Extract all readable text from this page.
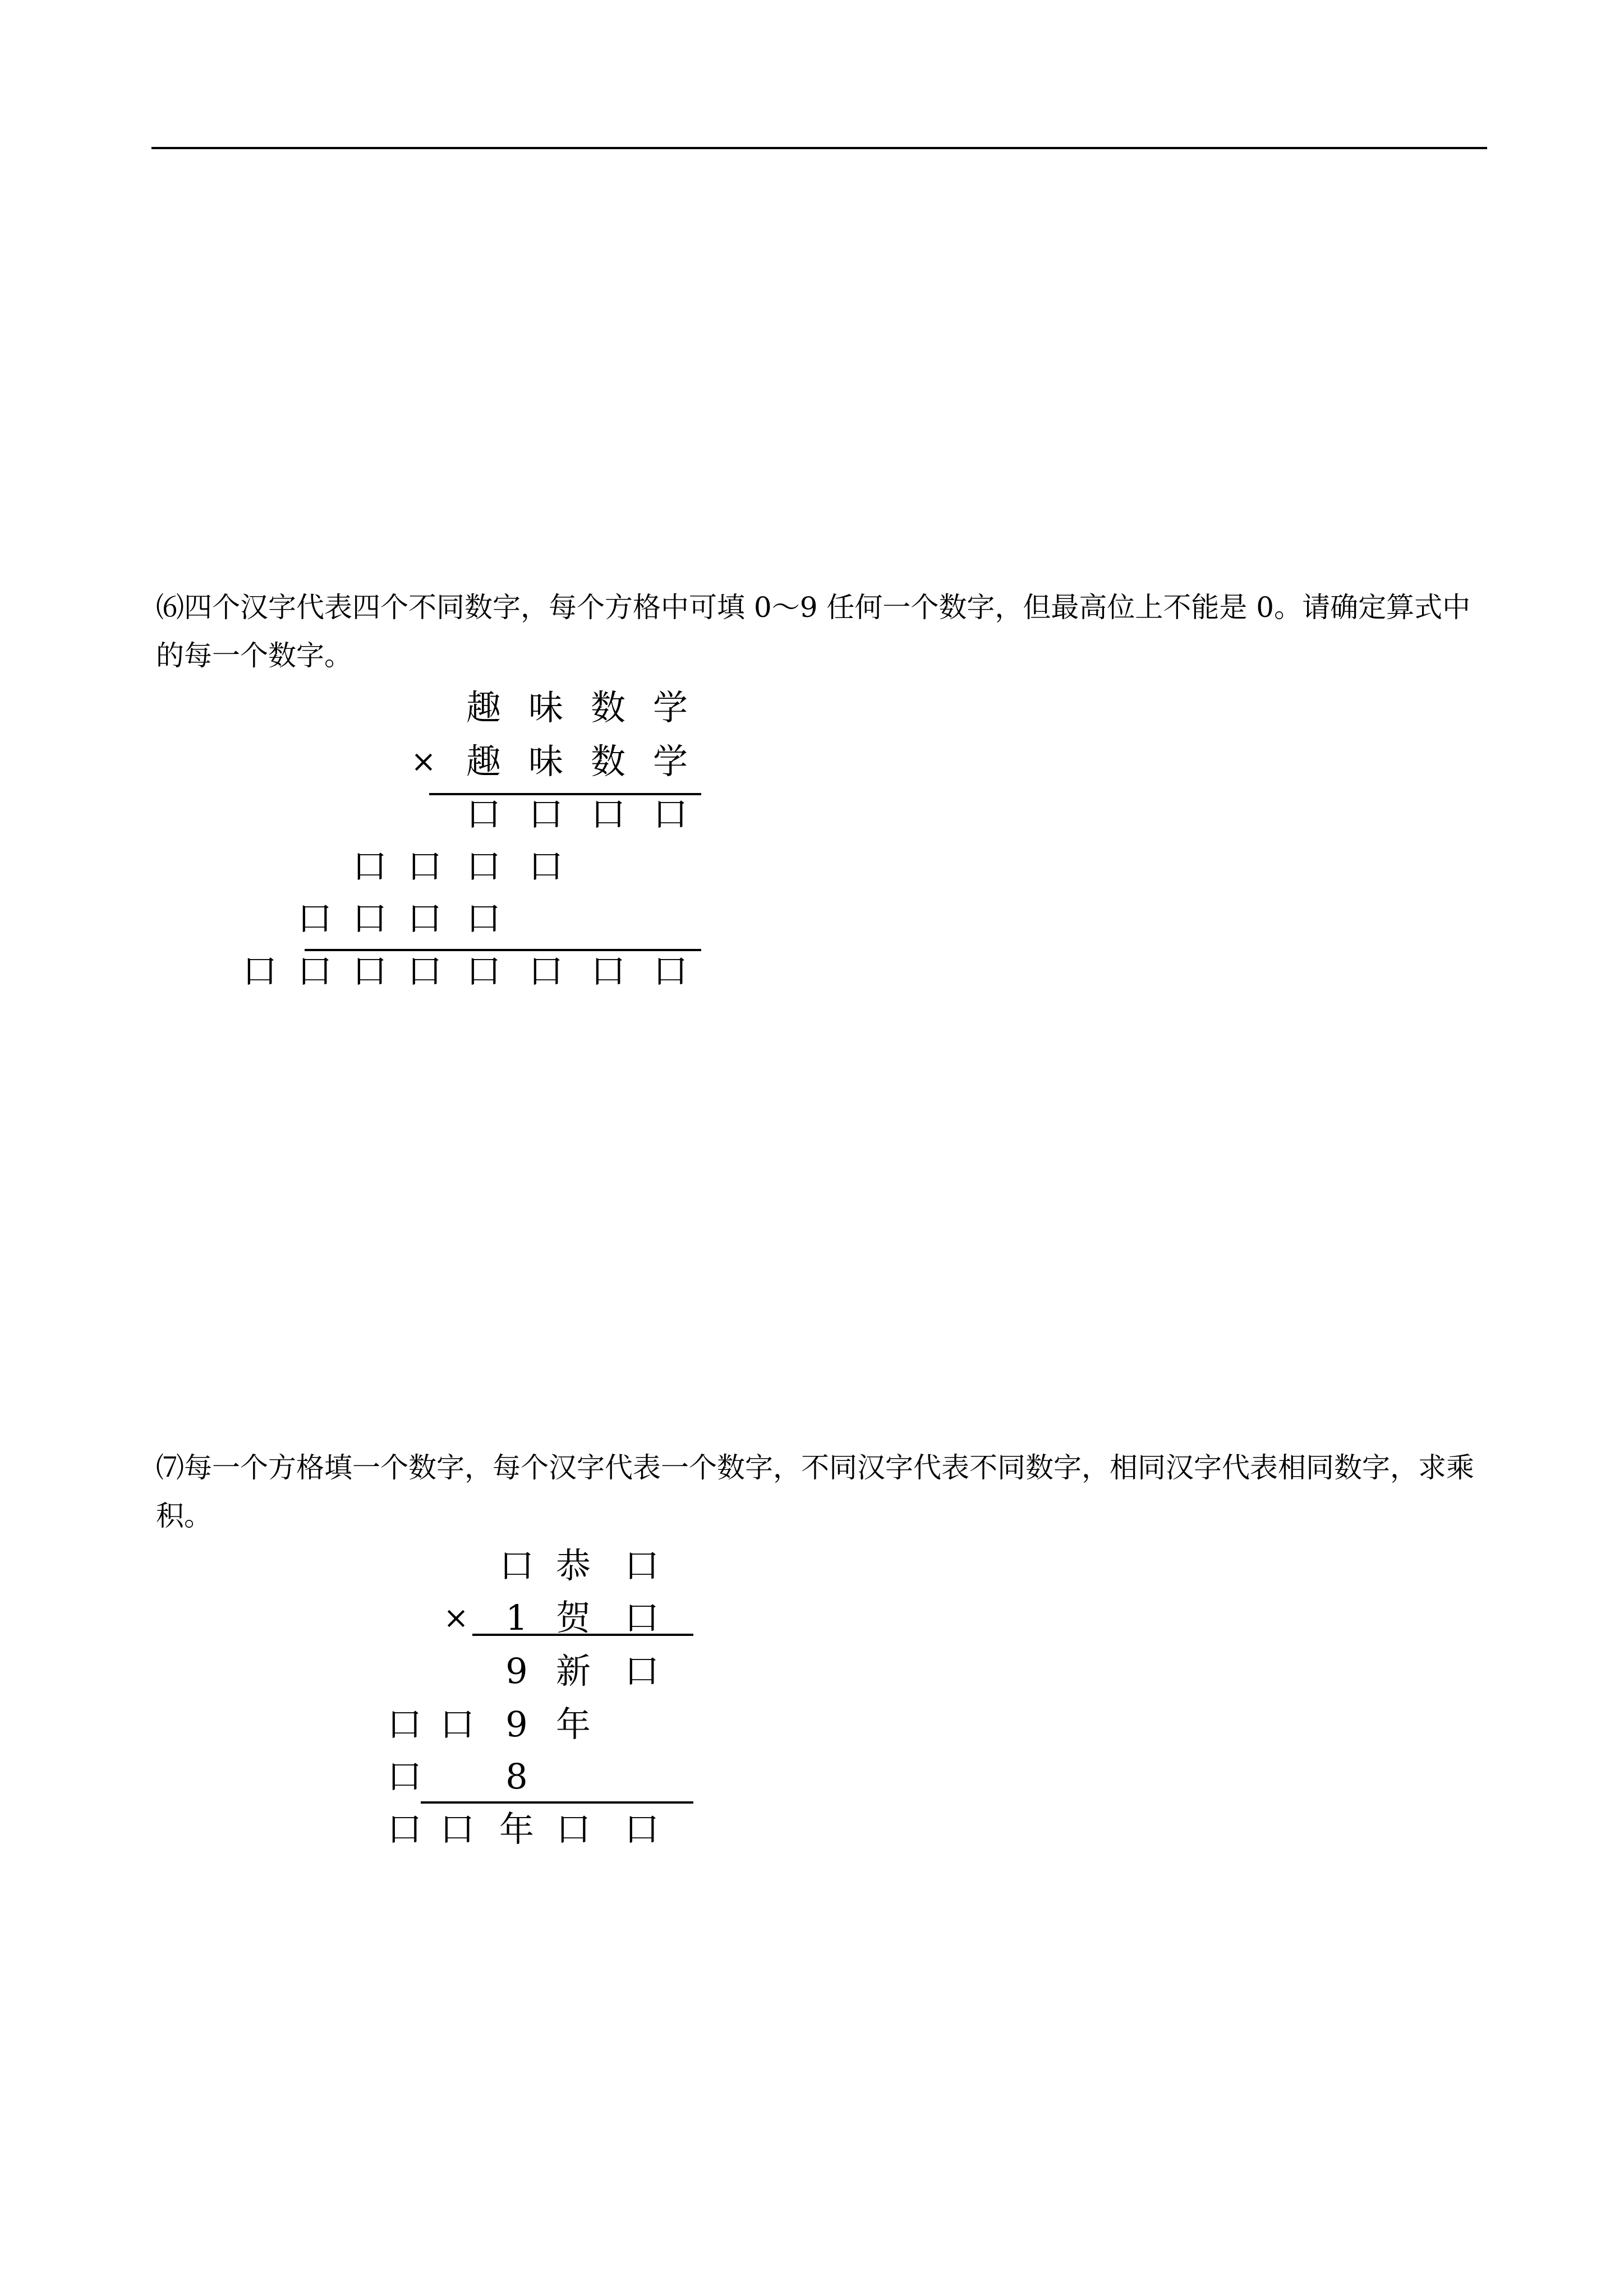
⑹四个汉字代表四个不同数字，每个方格中可填 0～9 任何一个数字，但最高位上不能是 0。请确定算式中的每一个数字。
趣 味 数 学
× 趣 味 数 学
口 口 口 口
口 口 口 口
口 口 口 口
口 口 口 口 口 口 口 口
⑺每一个方格填一个数字，每个汉字代表一个数字，不同汉字代表不同数字，相同汉字代表相同数字，求乘积。
口 恭 口
×	1 贺 口
9 新 口
口 口 9 年
口	8
口 口 年 口 口
